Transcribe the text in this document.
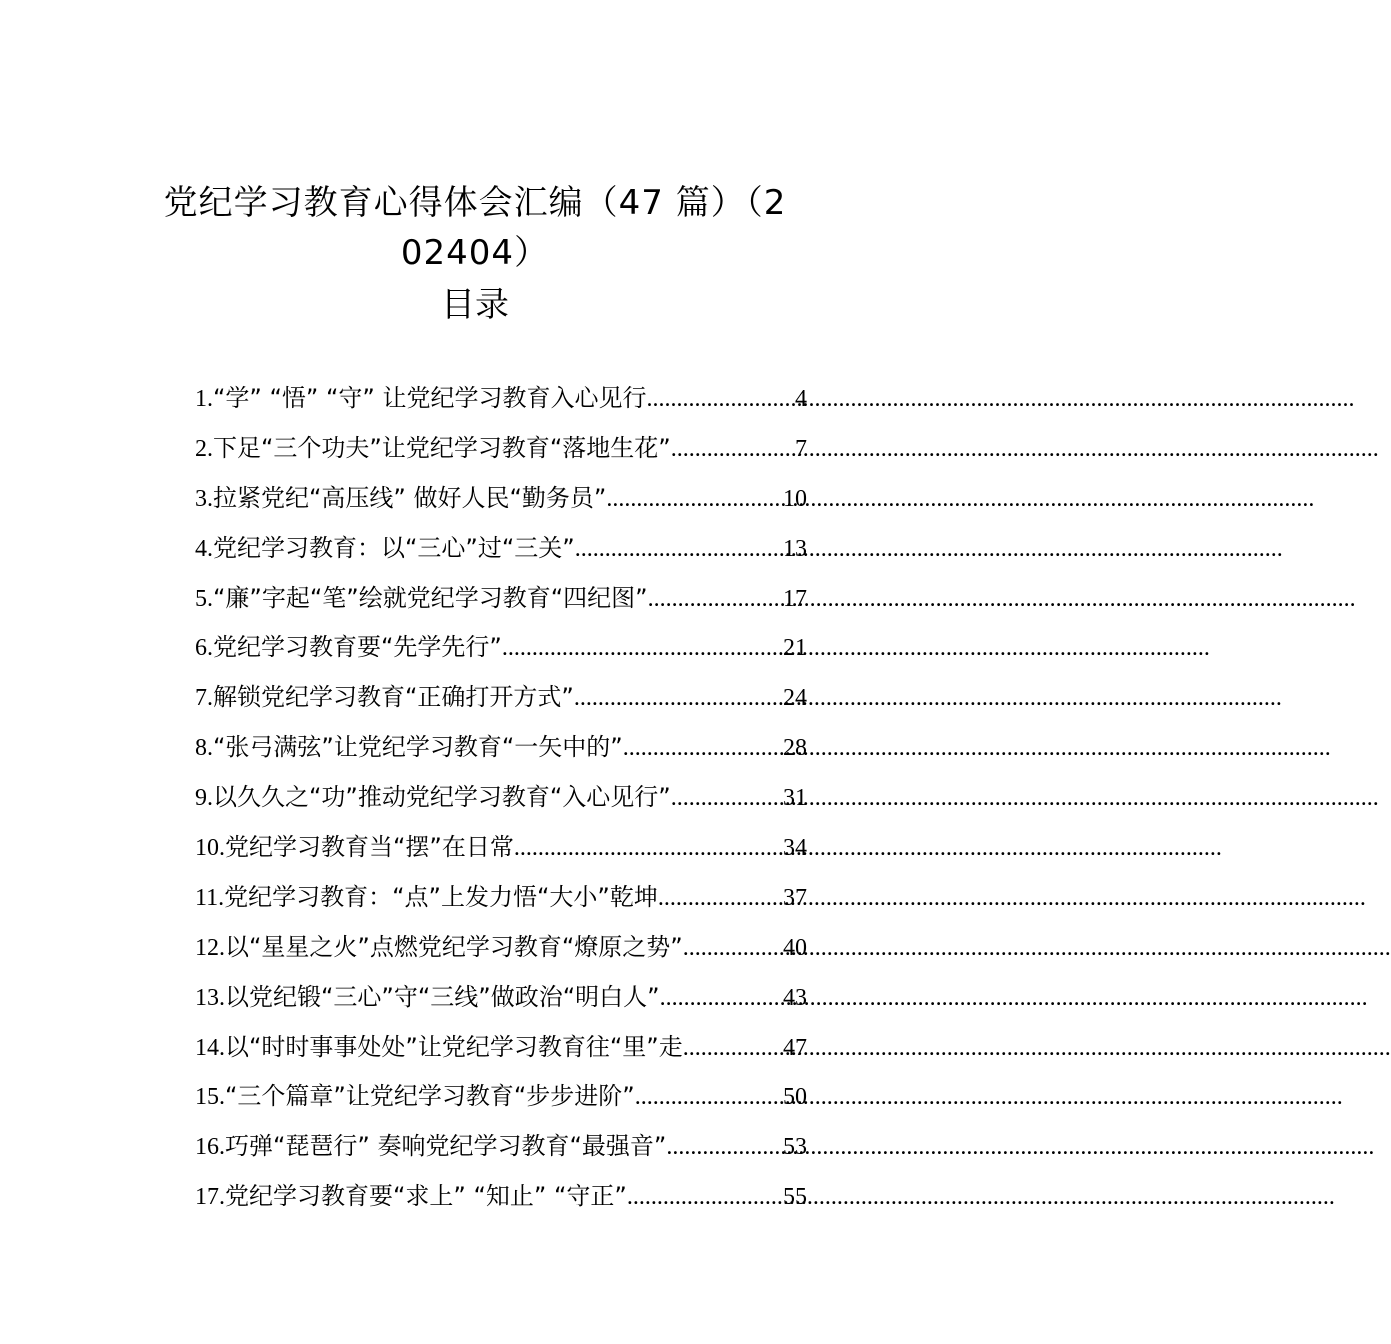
党纪学习教育心得体会汇编（47 篇）（2
02404）
目录
1. “学” “悟” “守” 让党纪学习教育入心见行 .....	4
2. 下足“三个功夫”让党纪学习教育“落地生花” .....	7
3. 拉紧党纪“高压线” 做好人民“勤务员” .....	10
4. 党纪学习教育：以“三心”过“三关” .....	13
5. “廉”字起“笔”绘就党纪学习教育“四纪图” .....	17
6. 党纪学习教育要“先学先行” .....	21
7. 解锁党纪学习教育“正确打开方式” .....	24
8. “张弓满弦”让党纪学习教育“一矢中的” .....	28
9. 以久久之“功”推动党纪学习教育“入心见行” .....	31
10. 党纪学习教育当“摆”在日常 .....	34
11. 党纪学习教育：“点”上发力悟“大小”乾坤 .....	37
12. 以“星星之火”点燃党纪学习教育“燎原之势” .....	40
13. 以党纪锻“三心”守“三线”做政治“明白人” .....	43
14. 以“时时事事处处”让党纪学习教育往“里”走 .....	47
15. “三个篇章”让党纪学习教育“步步进阶” .....	50
16. 巧弹“琵琶行” 奏响党纪学习教育“最强音” .....	53
17. 党纪学习教育要“求上” “知止” “守正” .....	55
